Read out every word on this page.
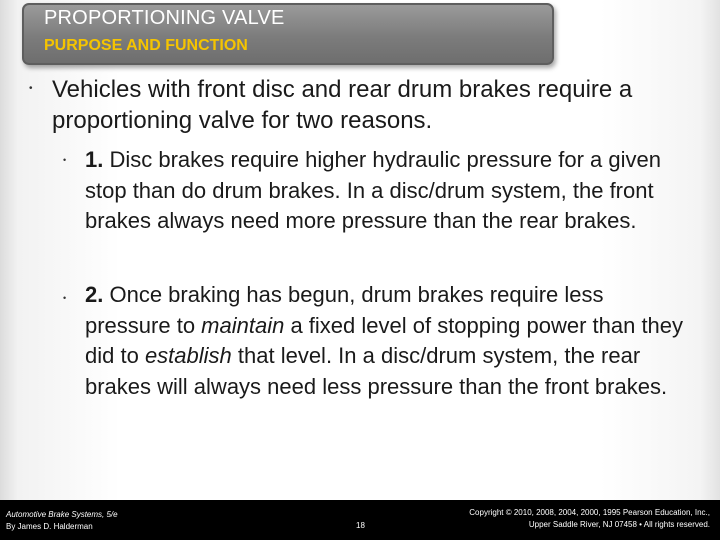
PROPORTIONING VALVE
PURPOSE AND FUNCTION
• Vehicles with front disc and rear drum brakes require a proportioning valve for two reasons.
• 1. Disc brakes require higher hydraulic pressure for a given stop than do drum brakes. In a disc/drum system, the front brakes always need more pressure than the rear brakes.
• 2. Once braking has begun, drum brakes require less pressure to maintain a fixed level of stopping power than they did to establish that level. In a disc/drum system, the rear brakes will always need less pressure than the front brakes.
Automotive Brake Systems, 5/e
By James D. Halderman	18
Copyright © 2010, 2008, 2004, 2000, 1995 Pearson Education, Inc.,
Upper Saddle River, NJ 07458 • All rights reserved.
